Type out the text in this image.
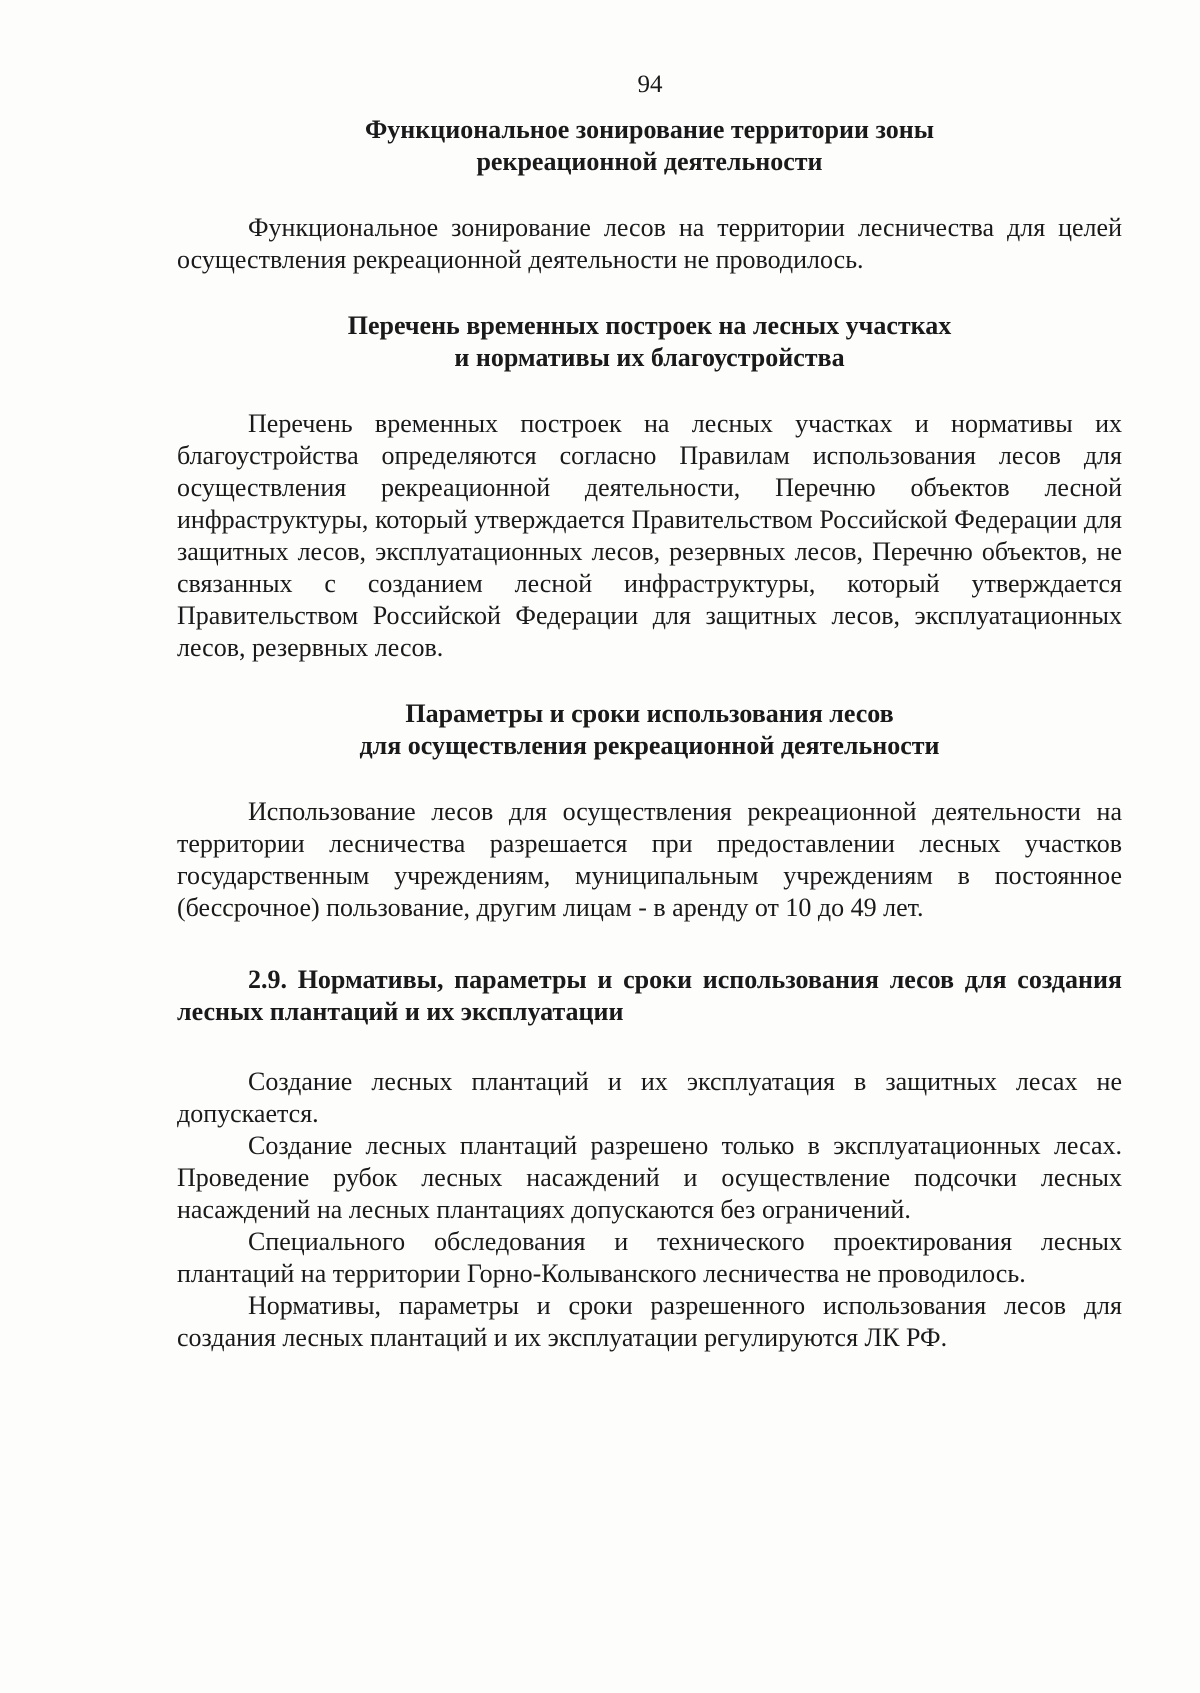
94
Функциональное зонирование территории зоны
рекреационной деятельности

Функциональное зонирование лесов на территории лесничества для целей осуществления рекреационной деятельности не проводилось.

Перечень временных построек на лесных участках
и нормативы их благоустройства

Перечень временных построек на лесных участках и нормативы их благоустройства определяются согласно Правилам использования лесов для осуществления рекреационной деятельности, Перечню объектов лесной инфраструктуры, который утверждается Правительством Российской Федерации для защитных лесов, эксплуатационных лесов, резервных лесов, Перечню объектов, не связанных с созданием лесной инфраструктуры, который утверждается Правительством Российской Федерации для защитных лесов, эксплуатационных лесов, резервных лесов.

Параметры и сроки использования лесов
для осуществления рекреационной деятельности

Использование лесов для осуществления рекреационной деятельности на территории лесничества разрешается при предоставлении лесных участков государственным учреждениям, муниципальным учреждениям в постоянное (бессрочное) пользование, другим лицам - в аренду от 10 до 49 лет.

2.9. Нормативы, параметры и сроки использования лесов для создания лесных плантаций и их эксплуатации

Создание лесных плантаций и их эксплуатация в защитных лесах не допускается.

Создание лесных плантаций разрешено только в эксплуатационных лесах. Проведение рубок лесных насаждений и осуществление подсочки лесных насаждений на лесных плантациях допускаются без ограничений.

Специального обследования и технического проектирования лесных плантаций на территории Горно-Колыванского лесничества не проводилось.

Нормативы, параметры и сроки разрешенного использования лесов для создания лесных плантаций и их эксплуатации регулируются ЛК РФ.
